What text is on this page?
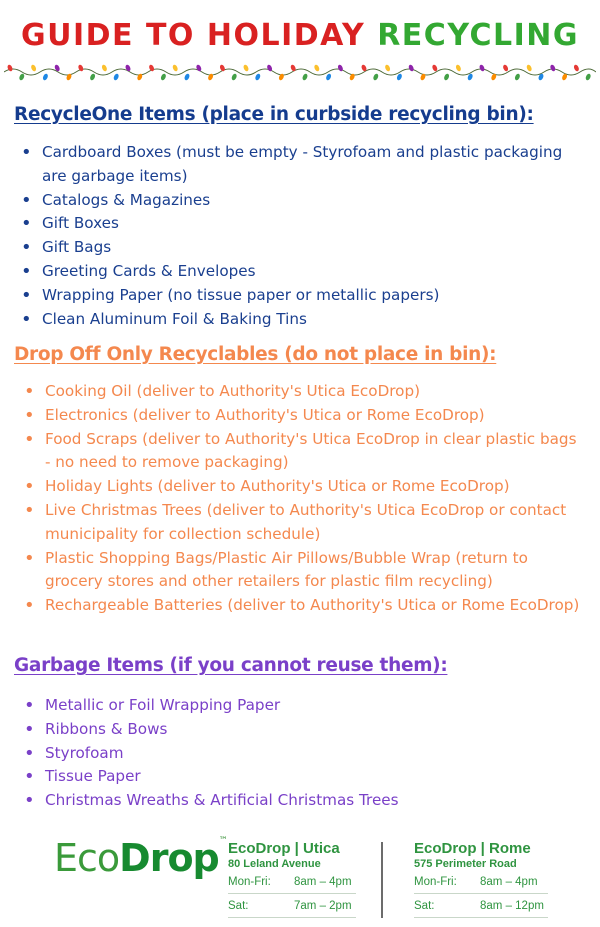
GUIDE TO HOLIDAY RECYCLING
RecycleOne Items (place in curbside recycling bin):
• Cardboard Boxes (must be empty - Styrofoam and plastic packaging are garbage items)
• Catalogs & Magazines
• Gift Boxes
• Gift Bags
• Greeting Cards & Envelopes
• Wrapping Paper (no tissue paper or metallic papers)
• Clean Aluminum Foil & Baking Tins
Drop Off Only Recyclables (do not place in bin):
• Cooking Oil (deliver to Authority's Utica EcoDrop)
• Electronics (deliver to Authority's Utica or Rome EcoDrop)
• Food Scraps (deliver to Authority's Utica EcoDrop in clear plastic bags - no need to remove packaging)
• Holiday Lights (deliver to Authority's Utica or Rome EcoDrop)
• Live Christmas Trees (deliver to Authority's Utica EcoDrop or contact municipality for collection schedule)
• Plastic Shopping Bags/Plastic Air Pillows/Bubble Wrap (return to grocery stores and other retailers for plastic film recycling)
• Rechargeable Batteries (deliver to Authority's Utica or Rome EcoDrop)
Garbage Items (if you cannot reuse them):
• Metallic or Foil Wrapping Paper
• Ribbons & Bows
• Styrofoam
• Tissue Paper
• Christmas Wreaths & Artificial Christmas Trees
EcoDrop™ EcoDrop | Utica
80 Leland Avenue
Mon-Fri: 8am – 4pm
Sat:	7am – 2pm
EcoDrop | Rome
575 Perimeter Road
Mon-Fri: 8am – 4pm
Sat:	8am – 12pm
